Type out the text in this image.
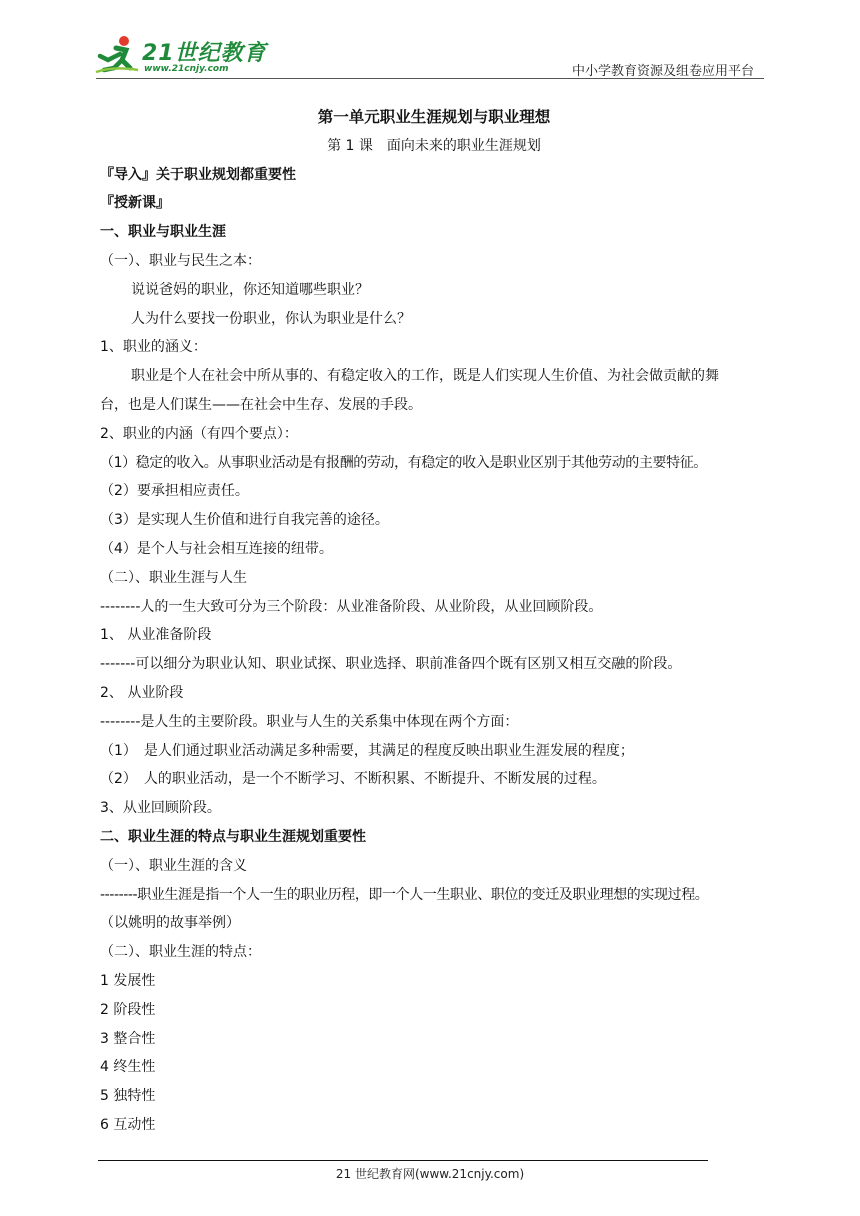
21世纪教育
www.21cnjy.com	中小学教育资源及组卷应用平台
第一单元职业生涯规划与职业理想
第 1 课　面向未来的职业生涯规划
『导入』关于职业规划都重要性
『授新课』
一、职业与职业生涯
（一）、职业与民生之本：
说说爸妈的职业，你还知道哪些职业？
人为什么要找一份职业，你认为职业是什么？
1、职业的涵义：
职业是个人在社会中所从事的、有稳定收入的工作，既是人们实现人生价值、为社会做贡献的舞
台，也是人们谋生——在社会中生存、发展的手段。
2、职业的内涵（有四个要点）：
（1）稳定的收入。从事职业活动是有报酬的劳动，有稳定的收入是职业区别于其他劳动的主要特征。
（2）要承担相应责任。
（3）是实现人生价值和进行自我完善的途径。
（4）是个人与社会相互连接的纽带。
（二）、职业生涯与人生
--------人的一生大致可分为三个阶段：从业准备阶段、从业阶段，从业回顾阶段。
1、 从业准备阶段
-------可以细分为职业认知、职业试探、职业选择、职前准备四个既有区别又相互交融的阶段。
2、 从业阶段
--------是人生的主要阶段。职业与人生的关系集中体现在两个方面：
（1）　是人们通过职业活动满足多种需要，其满足的程度反映出职业生涯发展的程度；
（2）　人的职业活动，是一个不断学习、不断积累、不断提升、不断发展的过程。
3、从业回顾阶段。
二、职业生涯的特点与职业生涯规划重要性
（一）、职业生涯的含义
--------职业生涯是指一个人一生的职业历程，即一个人一生职业、职位的变迁及职业理想的实现过程。
（以姚明的故事举例）
（二）、职业生涯的特点：
1 发展性
2 阶段性
3 整合性
4 终生性
5 独特性
6 互动性
21 世纪教育网(www.21cnjy.com)
